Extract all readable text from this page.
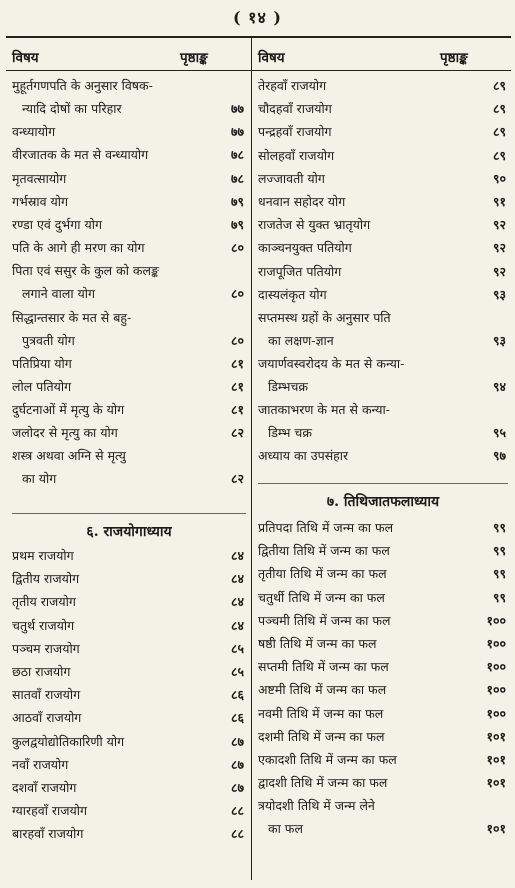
( १४ )
विषय	पृष्ठाङ्क	विषय	पृष्ठाङ्क
मुहूर्तगणपति के अनुसार विषक-
न्यादि दोषों का परिहार	७७
वन्ध्यायोग	७७
वीरजातक के मत से वन्ध्यायोग	७८
मृतवत्सायोग	७८
गर्भस्राव योग	७९
रण्डा एवं दुर्भगा योग	७९
पति के आगे ही मरण का योग	८०
पिता एवं ससुर के कुल को कलङ्क
लगाने वाला योग	८०
सिद्धान्तसार के मत से बहु-
पुत्रवती योग	८०
पतिप्रिया योग	८१
लोल पतियोग	८१
दुर्घटनाओं में मृत्यु के योग	८१
जलोदर से मृत्यु का योग	८२
शस्त्र अथवा अग्नि से मृत्यु
का योग	८२
६. राजयोगाध्याय
प्रथम राजयोग	८४
द्वितीय राजयोग	८४
तृतीय राजयोग	८४
चतुर्थ राजयोग	८४
पञ्चम राजयोग	८५
छठा राजयोग	८५
सातवाँ राजयोग	८६
आठवाँ राजयोग	८६
कुलद्वयोद्योतिकारिणी योग	८७
नवाँ राजयोग	८७
दशवाँ राजयोग	८७
ग्यारहवाँ राजयोग	८८
बारहवाँ राजयोग	८८
तेरहवाँ राजयोग	८९
चौदहवाँ राजयोग	८९
पन्द्रहवाँ राजयोग	८९
सोलहवाँ राजयोग	८९
लज्जावती योग	९०
धनवान सहोदर योग	९१
राजतेज से युक्त भ्रातृयोग	९२
काञ्चनयुक्त पतियोग	९२
राजपूजित पतियोग	९२
दास्यलंकृत योग	९३
सप्तमस्थ ग्रहों के अनुसार पति
का लक्षण-ज्ञान	९३
जयार्णवस्वरोदय के मत से कन्या-
डिम्भचक्र	९४
जातकाभरण के मत से कन्या-
डिम्भ चक्र	९५
अध्याय का उपसंहार	९७
७. तिथिजातफलाध्याय
प्रतिपदा तिथि में जन्म का फल	९९
द्वितीया तिथि में जन्म का फल	९९
तृतीया तिथि में जन्म का फल	९९
चतुर्थी तिथि में जन्म का फल	९९
पञ्चमी तिथि में जन्म का फल	१००
षष्ठी तिथि में जन्म का फल	१००
सप्तमी तिथि में जन्म का फल	१००
अष्टमी तिथि में जन्म का फल	१००
नवमी तिथि में जन्म का फल	१००
दशमी तिथि में जन्म का फल	१०१
एकादशी तिथि में जन्म का फल	१०१
द्वादशी तिथि में जन्म का फल	१०१
त्रयोदशी तिथि में जन्म लेने
का फल	१०१
